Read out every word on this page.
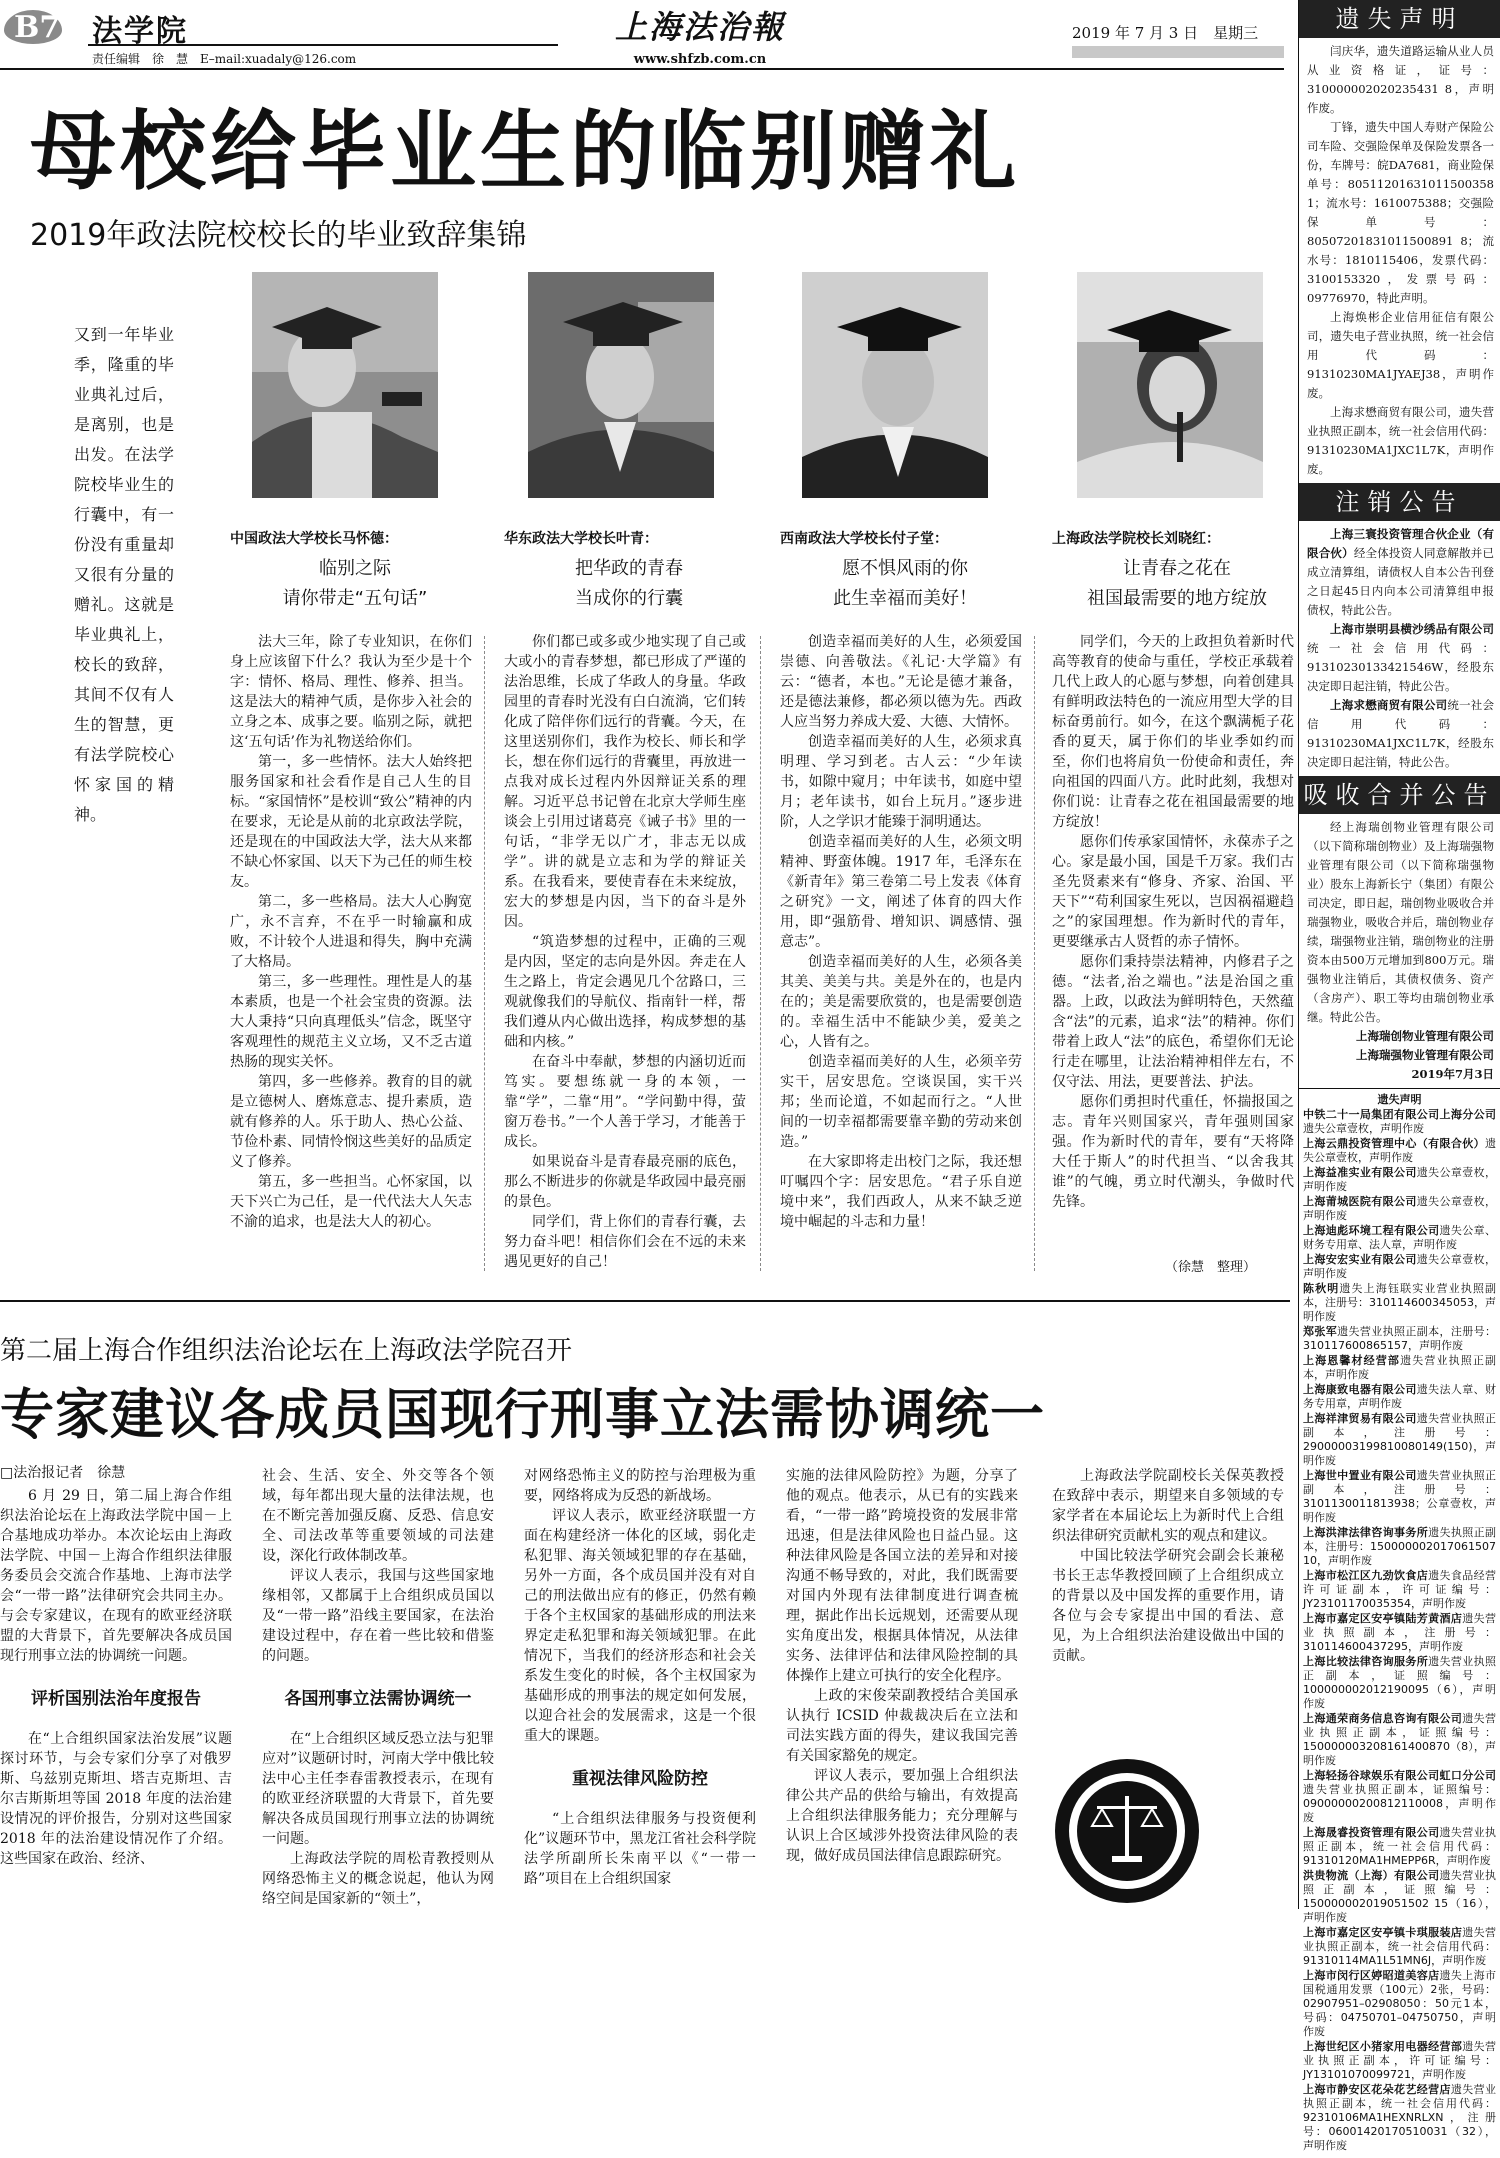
B7 法学院
责任编辑　徐　慧　E–mail:xuadaly@126.com
上海法治報
www.shfzb.com.cn
2019 年 7 月 3 日　星期三
母校给毕业生的临别赠礼
2019年政法院校校长的毕业致辞集锦
又到一年毕业季，隆重的毕业典礼过后，是离别，也是出发。在法学院校毕业生的行囊中，有一份没有重量却又很有分量的赠礼。这就是毕业典礼上，校长的致辞，其间不仅有人生的智慧，更有法学院校心怀家国的精神。
中国政法大学校长马怀德：
临别之际
请你带走“五句话”
华东政法大学校长叶青：
把华政的青春
当成你的行囊
西南政法大学校长付子堂：
愿不惧风雨的你
此生幸福而美好！
上海政法学院校长刘晓红：
让青春之花在
祖国最需要的地方绽放

法大三年，除了专业知识，在你们身上应该留下什么？我认为至少是十个字：情怀、格局、理性、修养、担当。这是法大的精神气质，是你步入社会的立身之本、成事之要。临别之际，就把这‘五句话’作为礼物送给你们。

第一，多一些情怀。法大人始终把服务国家和社会看作是自己人生的目标。“家国情怀”是校训“致公”精神的内在要求，无论是从前的北京政法学院，还是现在的中国政法大学，法大从来都不缺心怀家国、以天下为己任的师生校友。

第二，多一些格局。法大人心胸宽广，永不言弃，不在乎一时输赢和成败，不计较个人进退和得失，胸中充满了大格局。

第三，多一些理性。理性是人的基本素质，也是一个社会宝贵的资源。法大人秉持“只向真理低头”信念，既坚守客观理性的规范主义立场，又不乏古道热肠的现实关怀。

第四，多一些修养。教育的目的就是立德树人、磨炼意志、提升素质，造就有修养的人。乐于助人、热心公益、节俭朴素、同情怜悯这些美好的品质定义了修养。

第五，多一些担当。心怀家国，以天下兴亡为己任，是一代代法大人矢志不渝的追求，也是法大人的初心。

你们都已或多或少地实现了自己或大或小的青春梦想，都已形成了严谨的法治思维，长成了华政人的身量。华政园里的青春时光没有白白流淌，它们转化成了陪伴你们远行的背囊。今天，在这里送别你们，我作为校长、师长和学长，想在你们远行的背囊里，再放进一点我对成长过程内外因辩证关系的理解。习近平总书记曾在北京大学师生座谈会上引用过诸葛亮《诫子书》里的一句话，“非学无以广才，非志无以成学”。讲的就是立志和为学的辩证关系。在我看来，要使青春在未来绽放，宏大的梦想是内因，当下的奋斗是外因。

“筑造梦想的过程中，正确的三观是内因，坚定的志向是外因。奔走在人生之路上，肯定会遇见几个岔路口，三观就像我们的导航仪、指南针一样，帮我们遵从内心做出选择，构成梦想的基础和内核。”

在奋斗中奉献，梦想的内涵切近而笃实。要想练就一身的本领，一靠“学”，二靠“用”。“学问勤中得，萤窗万卷书。”一个人善于学习，才能善于成长。

如果说奋斗是青春最亮丽的底色，那么不断进步的你就是华政园中最亮丽的景色。

同学们，背上你们的青春行囊，去努力奋斗吧！相信你们会在不远的未来遇见更好的自己！

创造幸福而美好的人生，必须爱国崇德、向善敬法。《礼记·大学篇》有云：“德者，本也。”无论是德才兼备，还是德法兼修，都必须以德为先。西政人应当努力养成大爱、大德、大情怀。

创造幸福而美好的人生，必须求真明理、学习到老。古人云：“少年读书，如隙中窥月；中年读书，如庭中望月；老年读书，如台上玩月。”逐步进阶，人之学识才能臻于洞明通达。

创造幸福而美好的人生，必须文明精神、野蛮体魄。1917 年，毛泽东在《新青年》第三卷第二号上发表《体育之研究》一文，阐述了体育的四大作用，即“强筋骨、增知识、调感情、强意志”。

创造幸福而美好的人生，必须各美其美、美美与共。美是外在的，也是内在的；美是需要欣赏的，也是需要创造的。幸福生活中不能缺少美，爱美之心，人皆有之。

创造幸福而美好的人生，必须辛劳实干，居安思危。空谈误国，实干兴邦；坐而论道，不如起而行之。“人世间的一切幸福都需要靠辛勤的劳动来创造。”

在大家即将走出校门之际，我还想叮嘱四个字：居安思危。“君子乐自逆境中来”，我们西政人，从来不缺乏逆境中崛起的斗志和力量！

同学们，今天的上政担负着新时代高等教育的使命与重任，学校正承载着几代上政人的心愿与梦想，向着创建具有鲜明政法特色的一流应用型大学的目标奋勇前行。如今，在这个飘满栀子花香的夏天，属于你们的毕业季如约而至，你们也将肩负一份使命和责任，奔向祖国的四面八方。此时此刻，我想对你们说：让青春之花在祖国最需要的地方绽放！

愿你们传承家国情怀，永葆赤子之心。家是最小国，国是千万家。我们古圣先贤素来有“修身、齐家、治国、平天下”“苟利国家生死以，岂因祸福避趋之”的家国理想。作为新时代的青年，更要继承古人贤哲的赤子情怀。

愿你们秉持崇法精神，内修君子之德。“法者,治之端也。”法是治国之重器。上政，以政法为鲜明特色，天然蕴含“法”的元素，追求“法”的精神。你们带着上政人“法”的底色，希望你们无论行走在哪里，让法治精神相伴左右，不仅守法、用法，更要普法、护法。

愿你们勇担时代重任，怀揣报国之志。青年兴则国家兴，青年强则国家强。作为新时代的青年，要有“天将降大任于斯人”的时代担当、“以舍我其谁”的气魄，勇立时代潮头，争做时代先锋。

（徐慧　整理）
第二届上海合作组织法治论坛在上海政法学院召开
专家建议各成员国现行刑事立法需协调统一
□法治报记者　徐慧

6 月 29 日，第二届上海合作组织法治论坛在上海政法学院中国－上合基地成功举办。本次论坛由上海政法学院、中国－上海合作组织法律服务委员会交流合作基地、上海市法学会“一带一路”法律研究会共同主办。与会专家建议，在现有的欧亚经济联盟的大背景下，首先要解决各成员国现行刑事立法的协调统一问题。

评析国别法治年度报告

在“上合组织国家法治发展”议题探讨环节，与会专家们分享了对俄罗斯、乌兹别克斯坦、塔吉克斯坦、吉尔吉斯斯坦等国 2018 年度的法治建设情况的评价报告，分别对这些国家 2018 年的法治建设情况作了介绍。这些国家在政治、经济、

社会、生活、安全、外交等各个领域，每年都出现大量的法律法规，也在不断完善加强反腐、反恐、信息安全、司法改革等重要领域的司法建设，深化行政体制改革。

评议人表示，我国与这些国家地缘相邻，又都属于上合组织成员国以及“一带一路”沿线主要国家，在法治建设过程中，存在着一些比较和借鉴的问题。

各国刑事立法需协调统一

在“上合组织区域反恐立法与犯罪应对”议题研讨时，河南大学中俄比较法中心主任李春雷教授表示，在现有的欧亚经济联盟的大背景下，首先要解决各成员国现行刑事立法的协调统一问题。

上海政法学院的周松青教授则从网络恐怖主义的概念说起，他认为网络空间是国家新的“领土”，

对网络恐怖主义的防控与治理极为重要，网络将成为反恐的新战场。

评议人表示，欧亚经济联盟一方面在构建经济一体化的区域，弱化走私犯罪、海关领域犯罪的存在基础，另外一方面，各个成员国并没有对自己的刑法做出应有的修正，仍然有赖于各个主权国家的基础形成的刑法来界定走私犯罪和海关领域犯罪。在此情况下，当我们的经济形态和社会关系发生变化的时候，各个主权国家为基础形成的刑事法的规定如何发展，以迎合社会的发展需求，这是一个很重大的课题。

重视法律风险防控

“上合组织法律服务与投资便利化”议题环节中，黑龙江省社会科学院法学所副所长朱南平以《“一带一路”项目在上合组织国家

实施的法律风险防控》为题，分享了他的观点。他表示，从已有的实践来看，“一带一路”跨境投资的发展非常迅速，但是法律风险也日益凸显。这种法律风险是各国立法的差异和对接沟通不畅导致的，对此，我们既需要对国内外现有法律制度进行调查梳理，据此作出长远规划，还需要从现实角度出发，根据具体情况，从法律实务、法律评估和法律风险控制的具体操作上建立可执行的安全化程序。

上政的宋俊荣副教授结合美国承认执行 ICSID 仲裁裁决后在立法和司法实践方面的得失，建议我国完善有关国家豁免的规定。

评议人表示，要加强上合组织法律公共产品的供给与输出，有效提高上合组织法律服务能力；充分理解与认识上合区域涉外投资法律风险的表现，做好成员国法律信息跟踪研究。

上海政法学院副校长关保英教授在致辞中表示，期望来自多领域的专家学者在本届论坛上为新时代上合组织法律研究贡献札实的观点和建议。

中国比较法学研究会副会长兼秘书长王志华教授回顾了上合组织成立的背景以及中国发挥的重要作用，请各位与会专家提出中国的看法、意见，为上合组织法治建设做出中国的贡献。

遗失声明

闫庆华，遗失道路运输从业人员从业资格证，证号：310000002020235431 8，声明作废。

丁锋，遗失中国人寿财产保险公司车险、交强险保单及保险发票各一份，车牌号：皖DA7681，商业险保单号：80511201631011500358 1；流水号：1610075388；交强险保单号：80507201831011500891 8；流水号：1810115406，发票代码：3100153320，发票号码：09776970，特此声明。

上海焕彬企业信用征信有限公司，遗失电子营业执照，统一社会信用代码：91310230MA1JYAEJ38，声明作废。

上海求懋商贸有限公司，遗失营业执照正副本，统一社会信用代码：91310230MA1JXC1L7K，声明作废。

注销公告

上海三寰投资管理合伙企业（有限合伙）经全体投资人同意解散并已成立清算组，请债权人自本公告刊登之日起45日内向本公司清算组申报债权，特此公告。

上海市崇明县横沙绣品有限公司统一社会信用代码：91310230133421546W，经股东决定即日起注销，特此公告。

上海求懋商贸有限公司统一社会信用代码：91310230MA1JXC1L7K，经股东决定即日起注销，特此公告。

吸收合并公告

经上海瑞创物业管理有限公司（以下简称瑞创物业）及上海瑞强物业管理有限公司（以下简称瑞强物业）股东上海新长宁（集团）有限公司决定，即日起，瑞创物业吸收合并瑞强物业，吸收合并后，瑞创物业存续，瑞强物业注销，瑞创物业的注册资本由500万元增加到800万元。瑞强物业注销后，其债权债务、资产（含房产）、职工等均由瑞创物业承继。特此公告。

上海瑞创物业管理有限公司

上海瑞强物业管理有限公司

2019年7月3日

遗失声明

中铁二十一局集团有限公司上海分公司遗失公章壹枚，声明作废

上海云鼎投资管理中心（有限合伙）遗失公章壹枚，声明作废

上海益准实业有限公司遗失公章壹枚，声明作废

上海莆城医院有限公司遗失公章壹枚，声明作废

上海迪彪环境工程有限公司遗失公章、财务专用章、法人章，声明作废

上海安宏实业有限公司遗失公章壹枚，声明作废

陈秋明遗失上海钰联实业营业执照副本，注册号：310114600345053，声明作废

郑张军遗失营业执照正副本，注册号：310117600865157，声明作废

上海恩馨材经营部遗失营业执照正副本，声明作废

上海康致电器有限公司遗失法人章、财务专用章，声明作废

上海祥津贸易有限公司遗失营业执照正副本，注册号：29000003199810080149(150)，声明作废

上海世中置业有限公司遗失营业执照正副本，注册号：3101130011813938；公章壹枚，声明作废

上海洪津法律咨询事务所遗失执照正副本，注册号：150000002017061507 10，声明作废

上海市松江区九劲饮食店遗失食品经营许可证副本，许可证编号：JY23101170035354，声明作废

上海市嘉定区安亭镇陆芳黄酒店遗失营业执照副本，注册号：310114600437295，声明作废

上海比较法律咨询服务所遗失营业执照正副本，证照编号：100000002012190095（6），声明作废

上海通荣商务信息咨询有限公司遗失营业执照正副本，证照编号：150000003208161400870（8），声明作废

上海轻扬谷球娱乐有限公司虹口分公司遗失营业执照正副本，证照编号：09000000200812110008，声明作废

上海晟睿投资管理有限公司遗失营业执照正副本，统一社会信用代码：91310120MA1HMEPP6R，声明作废

洪贵物流（上海）有限公司遗失营业执照正副本，证照编号：150000002019051502 15（16），声明作废

上海市嘉定区安亭镇卡琪服装店遗失营业执照正副本，统一社会信用代码：91310114MA1L51MN6J，声明作废

上海市闵行区婷昭道美容店遗失上海市国税通用发票（100元）2张，号码：02907951–02908050：50元1本，号码：04750701–04750750，声明作废

上海世纪区小猪家用电器经营部遗失营业执照正副本，许可证编号：JY13101070099721，声明作废

上海市静安区花朵花艺经营店遗失营业执照正副本，统一社会信用代码：92310106MA1HEXNRLXN，注册号：06001420170510031（32），声明作废
